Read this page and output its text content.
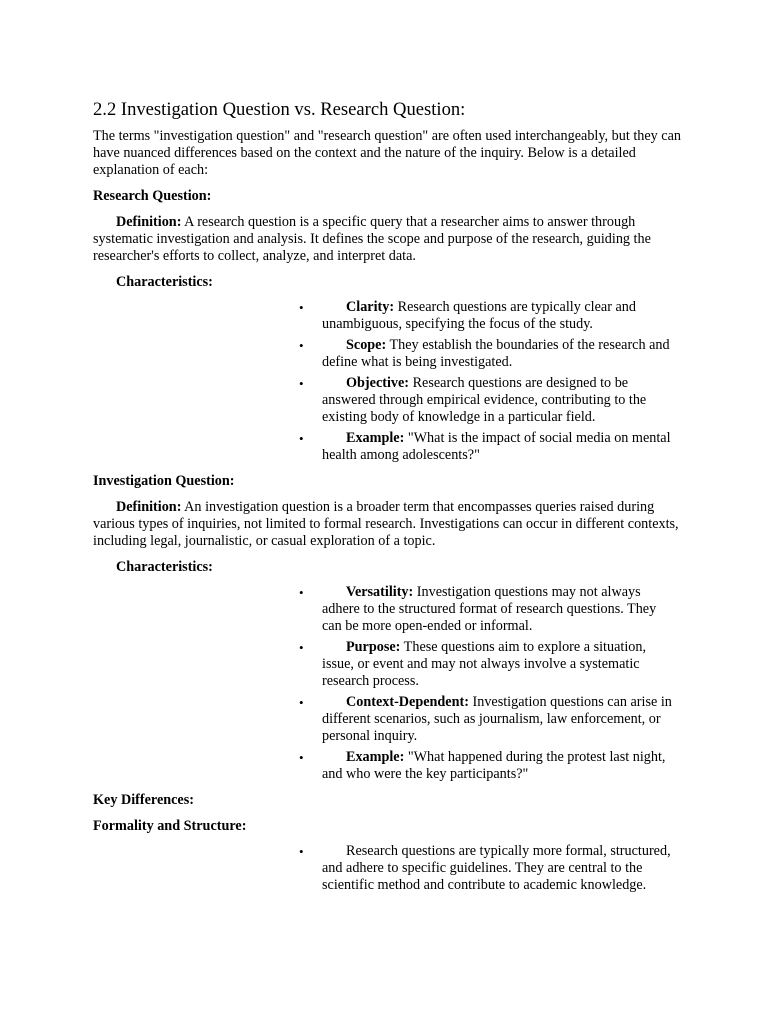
2.2 Investigation Question vs. Research Question:
The terms "investigation question" and "research question" are often used interchangeably, but they can have nuanced differences based on the context and the nature of the inquiry. Below is a detailed explanation of each:
Research Question:
Definition: A research question is a specific query that a researcher aims to answer through systematic investigation and analysis. It defines the scope and purpose of the research, guiding the researcher's efforts to collect, analyze, and interpret data.
Characteristics:
•	Clarity: Research questions are typically clear and unambiguous, specifying the focus of the study.
•	Scope: They establish the boundaries of the research and define what is being investigated.
•	Objective: Research questions are designed to be answered through empirical evidence, contributing to the existing body of knowledge in a particular field.
•	Example: "What is the impact of social media on mental health among adolescents?"
Investigation Question:
Definition: An investigation question is a broader term that encompasses queries raised during various types of inquiries, not limited to formal research. Investigations can occur in different contexts, including legal, journalistic, or casual exploration of a topic.
Characteristics:
•	Versatility: Investigation questions may not always adhere to the structured format of research questions. They can be more open-ended or informal.
•	Purpose: These questions aim to explore a situation, issue, or event and may not always involve a systematic research process.
•	Context-Dependent: Investigation questions can arise in different scenarios, such as journalism, law enforcement, or personal inquiry.
•	Example: "What happened during the protest last night, and who were the key participants?"
Key Differences:
Formality and Structure:
•	Research questions are typically more formal, structured, and adhere to specific guidelines. They are central to the scientific method and contribute to academic knowledge.
